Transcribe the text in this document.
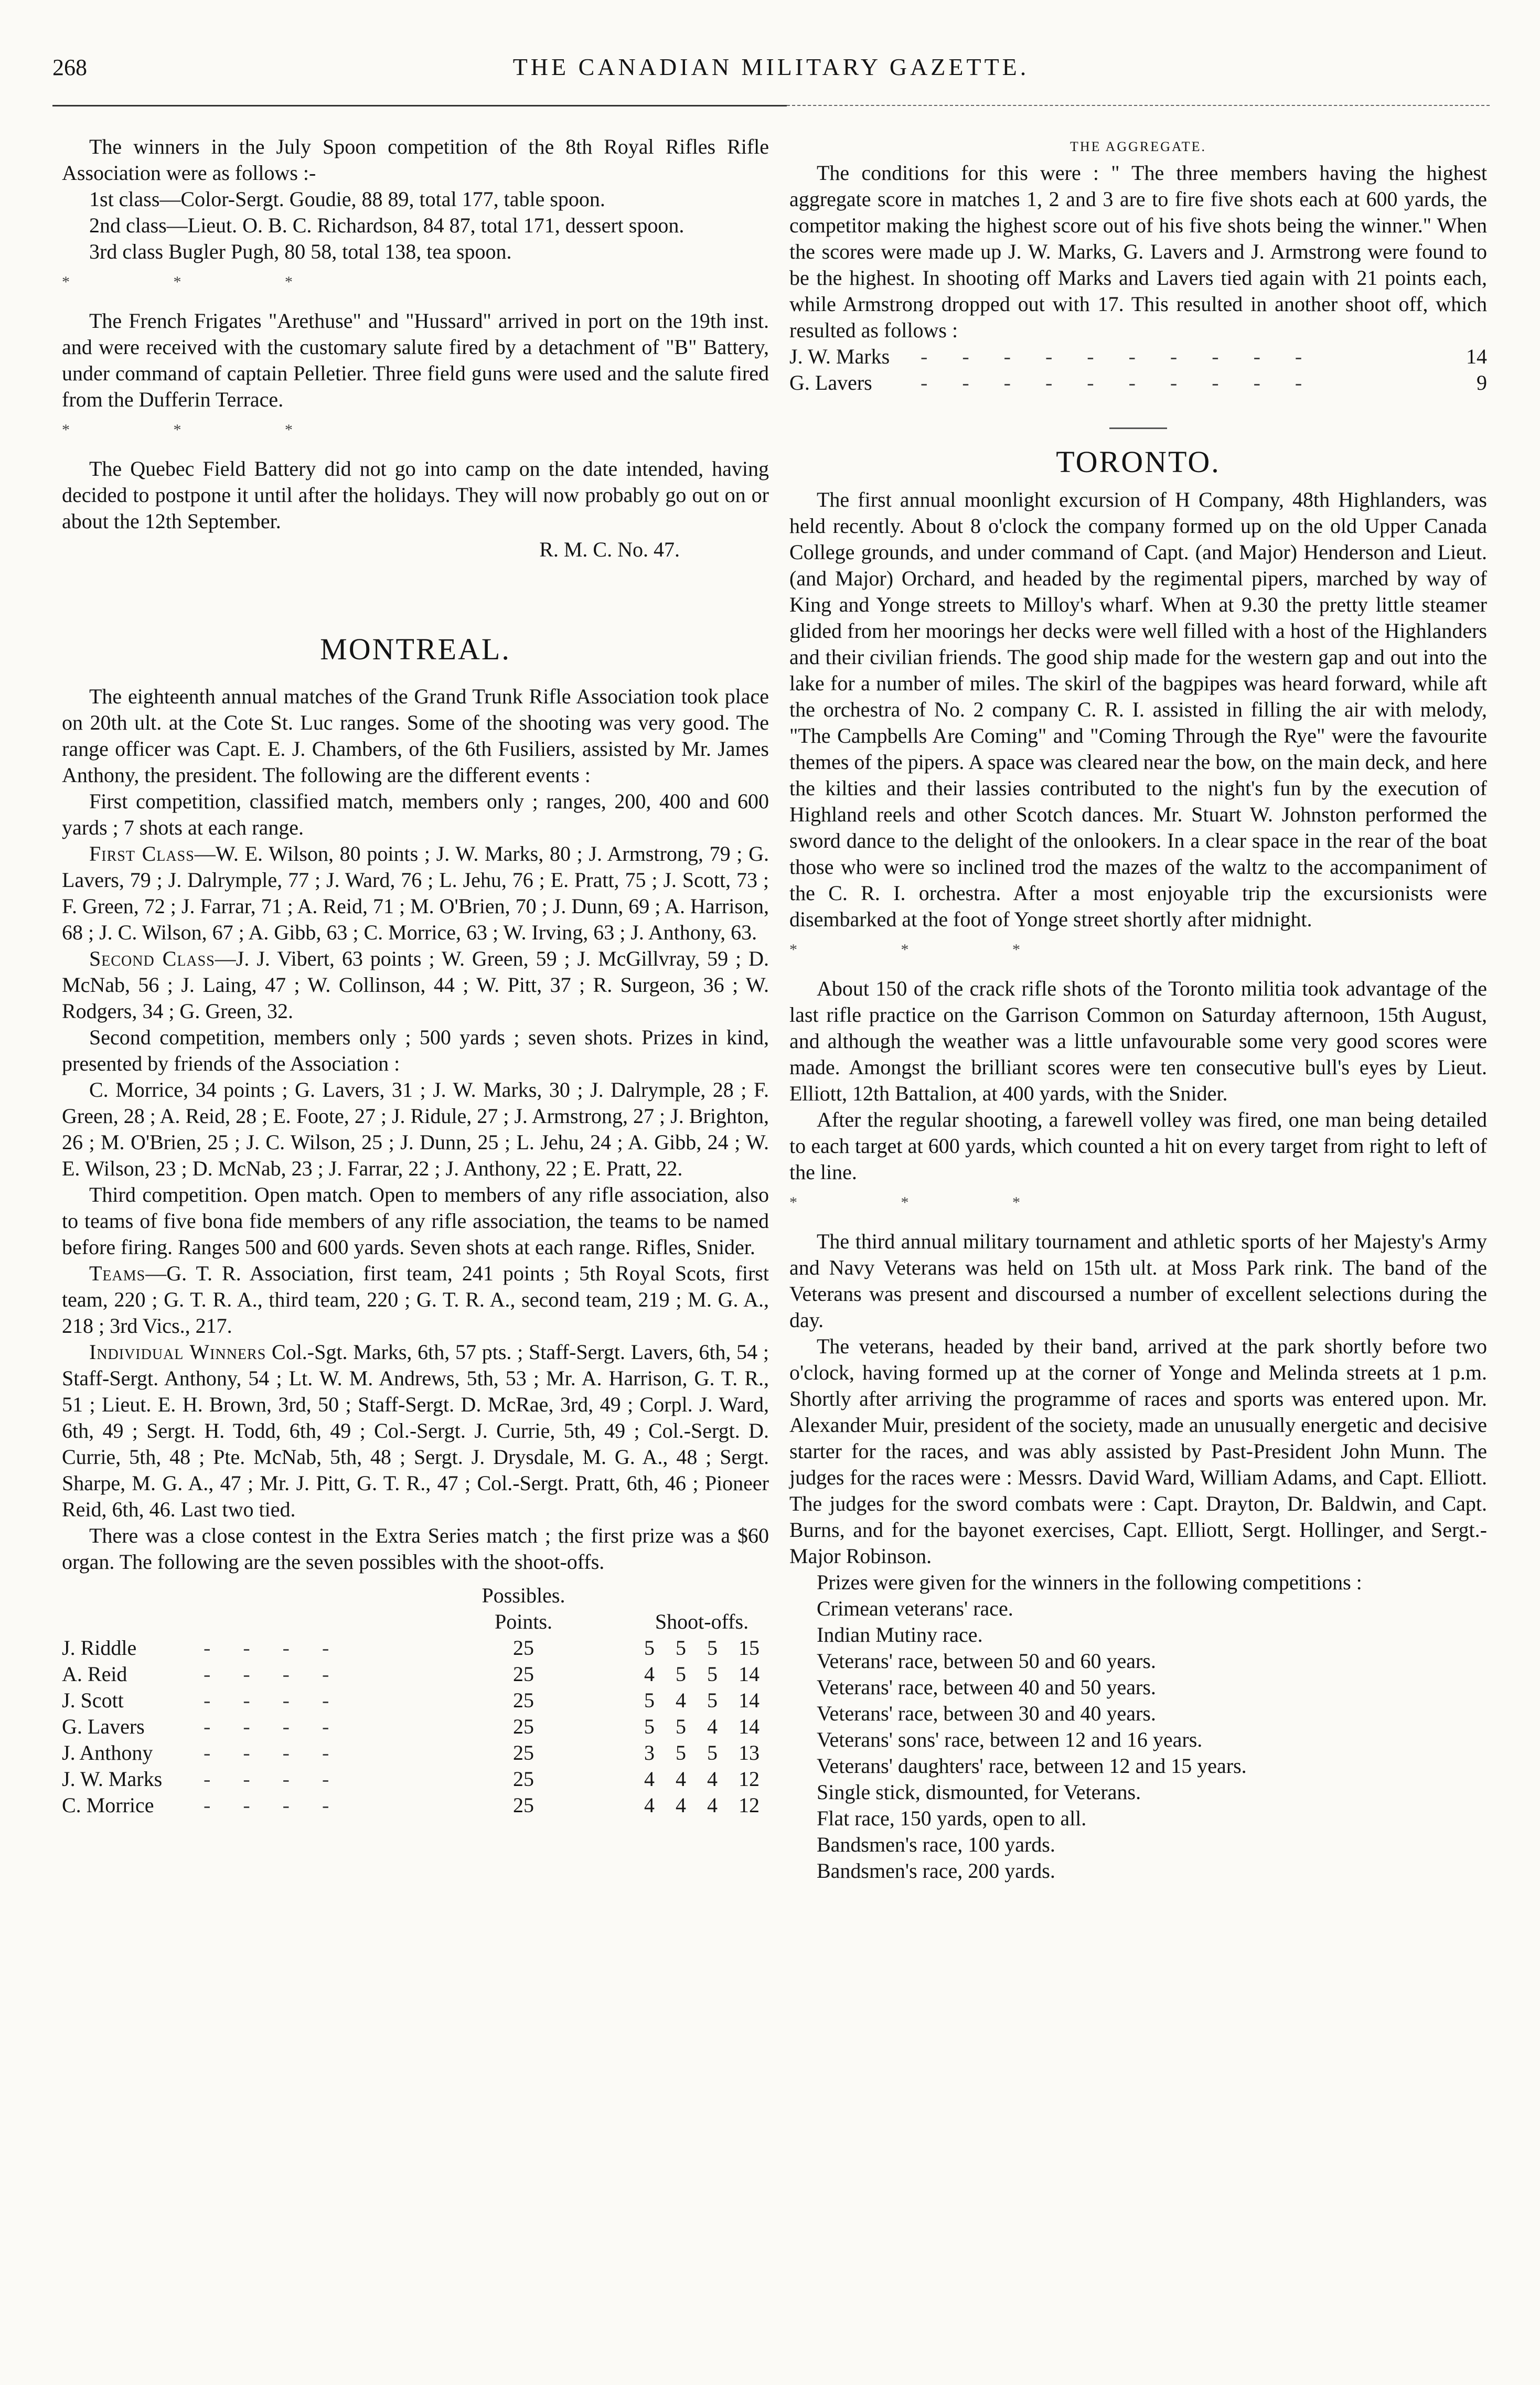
268	THE CANADIAN MILITARY GAZETTE.

The winners in the July Spoon competition of the 8th Royal Rifles Rifle Association were as follows :-

1st class—Color-Sergt. Goudie, 88 89, total 177, table spoon.

2nd class—Lieut. O. B. C. Richardson, 84 87, total 171, dessert spoon.

3rd class Bugler Pugh, 80 58, total 138, tea spoon.

* * *

The French Frigates "Arethuse" and "Hussard" arrived in port on the 19th inst. and were received with the customary salute fired by a detachment of "B" Battery, under command of captain Pelletier. Three field guns were used and the salute fired from the Dufferin Terrace.

* * *

The Quebec Field Battery did not go into camp on the date intended, having decided to postpone it until after the holidays. They will now probably go out on or about the 12th September.

R. M. C. No. 47.

MONTREAL.

The eighteenth annual matches of the Grand Trunk Rifle Association took place on 20th ult. at the Cote St. Luc ranges. Some of the shooting was very good. The range officer was Capt. E. J. Chambers, of the 6th Fusiliers, assisted by Mr. James Anthony, the president. The following are the different events :

First competition, classified match, members only ; ranges, 200, 400 and 600 yards ; 7 shots at each range.

First Class—W. E. Wilson, 80 points ; J. W. Marks, 80 ; J. Armstrong, 79 ; G. Lavers, 79 ; J. Dalrymple, 77 ; J. Ward, 76 ; L. Jehu, 76 ; E. Pratt, 75 ; J. Scott, 73 ; F. Green, 72 ; J. Farrar, 71 ; A. Reid, 71 ; M. O'Brien, 70 ; J. Dunn, 69 ; A. Harrison, 68 ; J. C. Wilson, 67 ; A. Gibb, 63 ; C. Morrice, 63 ; W. Irving, 63 ; J. Anthony, 63.

Second Class—J. J. Vibert, 63 points ; W. Green, 59 ; J. McGillvray, 59 ; D. McNab, 56 ; J. Laing, 47 ; W. Collinson, 44 ; W. Pitt, 37 ; R. Surgeon, 36 ; W. Rodgers, 34 ; G. Green, 32.

Second competition, members only ; 500 yards ; seven shots. Prizes in kind, presented by friends of the Association :

C. Morrice, 34 points ; G. Lavers, 31 ; J. W. Marks, 30 ; J. Dalrymple, 28 ; F. Green, 28 ; A. Reid, 28 ; E. Foote, 27 ; J. Ridule, 27 ; J. Armstrong, 27 ; J. Brighton, 26 ; M. O'Brien, 25 ; J. C. Wilson, 25 ; J. Dunn, 25 ; L. Jehu, 24 ; A. Gibb, 24 ; W. E. Wilson, 23 ; D. McNab, 23 ; J. Farrar, 22 ; J. Anthony, 22 ; E. Pratt, 22.

Third competition. Open match. Open to members of any rifle association, also to teams of five bona fide members of any rifle association, the teams to be named before firing. Ranges 500 and 600 yards. Seven shots at each range. Rifles, Snider.

Teams—G. T. R. Association, first team, 241 points ; 5th Royal Scots, first team, 220 ; G. T. R. A., third team, 220 ; G. T. R. A., second team, 219 ; M. G. A., 218 ; 3rd Vics., 217.

Individual Winners Col.-Sgt. Marks, 6th, 57 pts. ; Staff-Sergt. Lavers, 6th, 54 ; Staff-Sergt. Anthony, 54 ; Lt. W. M. Andrews, 5th, 53 ; Mr. A. Harrison, G. T. R., 51 ; Lieut. E. H. Brown, 3rd, 50 ; Staff-Sergt. D. McRae, 3rd, 49 ; Corpl. J. Ward, 6th, 49 ; Sergt. H. Todd, 6th, 49 ; Col.-Sergt. J. Currie, 5th, 49 ; Col.-Sergt. D. Currie, 5th, 48 ; Pte. McNab, 5th, 48 ; Sergt. J. Drysdale, M. G. A., 48 ; Sergt. Sharpe, M. G. A., 47 ; Mr. J. Pitt, G. T. R., 47 ; Col.-Sergt. Pratt, 6th, 46 ; Pioneer Reid, 6th, 46. Last two tied.

There was a close contest in the Extra Series match ; the first prize was a $60 organ. The following are the seven possibles with the shoot-offs.

Possibles.
Points.	Shoot-offs.
J. Riddle	- - - -	25	5 5 5 15
A. Reid	- - - -	25	4 5 5 14
J. Scott	- - - -	25	5 4 5 14
G. Lavers	- - - -	25	5 5 4 14
J. Anthony - - - -	25	3 5 5 13
J. W. Marks - - - -	25	4 4 4 12
C. Morrice - - - -	25	4 4 4 12

THE AGGREGATE.

The conditions for this were : " The three members having the highest aggregate score in matches 1, 2 and 3 are to fire five shots each at 600 yards, the competitor making the highest score out of his five shots being the winner." When the scores were made up J. W. Marks, G. Lavers and J. Armstrong were found to be the highest. In shooting off Marks and Lavers tied again with 21 points each, while Armstrong dropped out with 17. This resulted in another shoot off, which resulted as follows :

J. W. Marks - - - - - - - - - -	14
G. Lavers - - - - - - - - - -	9
TORONTO.

The first annual moonlight excursion of H Company, 48th Highlanders, was held recently. About 8 o'clock the company formed up on the old Upper Canada College grounds, and under command of Capt. (and Major) Henderson and Lieut. (and Major) Orchard, and headed by the regimental pipers, marched by way of King and Yonge streets to Milloy's wharf. When at 9.30 the pretty little steamer glided from her moorings her decks were well filled with a host of the Highlanders and their civilian friends. The good ship made for the western gap and out into the lake for a number of miles. The skirl of the bagpipes was heard forward, while aft the orchestra of No. 2 company C. R. I. assisted in filling the air with melody, "The Campbells Are Coming" and "Coming Through the Rye" were the favourite themes of the pipers. A space was cleared near the bow, on the main deck, and here the kilties and their lassies contributed to the night's fun by the execution of Highland reels and other Scotch dances. Mr. Stuart W. Johnston performed the sword dance to the delight of the onlookers. In a clear space in the rear of the boat those who were so inclined trod the mazes of the waltz to the accompaniment of the C. R. I. orchestra. After a most enjoyable trip the excursionists were disembarked at the foot of Yonge street shortly after midnight.

* * *

About 150 of the crack rifle shots of the Toronto militia took advantage of the last rifle practice on the Garrison Common on Saturday afternoon, 15th August, and although the weather was a little unfavourable some very good scores were made. Amongst the brilliant scores were ten consecutive bull's eyes by Lieut. Elliott, 12th Battalion, at 400 yards, with the Snider.

After the regular shooting, a farewell volley was fired, one man being detailed to each target at 600 yards, which counted a hit on every target from right to left of the line.

* * *

The third annual military tournament and athletic sports of her Majesty's Army and Navy Veterans was held on 15th ult. at Moss Park rink. The band of the Veterans was present and discoursed a number of excellent selections during the day.

The veterans, headed by their band, arrived at the park shortly before two o'clock, having formed up at the corner of Yonge and Melinda streets at 1 p.m. Shortly after arriving the programme of races and sports was entered upon. Mr. Alexander Muir, president of the society, made an unusually energetic and decisive starter for the races, and was ably assisted by Past-President John Munn. The judges for the races were : Messrs. David Ward, William Adams, and Capt. Elliott. The judges for the sword combats were : Capt. Drayton, Dr. Baldwin, and Capt. Burns, and for the bayonet exercises, Capt. Elliott, Sergt. Hollinger, and Sergt.-Major Robinson.

Prizes were given for the winners in the following competitions :

Crimean veterans' race.

Indian Mutiny race.

Veterans' race, between 50 and 60 years.

Veterans' race, between 40 and 50 years.

Veterans' race, between 30 and 40 years.

Veterans' sons' race, between 12 and 16 years.

Veterans' daughters' race, between 12 and 15 years.

Single stick, dismounted, for Veterans.

Flat race, 150 yards, open to all.

Bandsmen's race, 100 yards.

Bandsmen's race, 200 yards.
